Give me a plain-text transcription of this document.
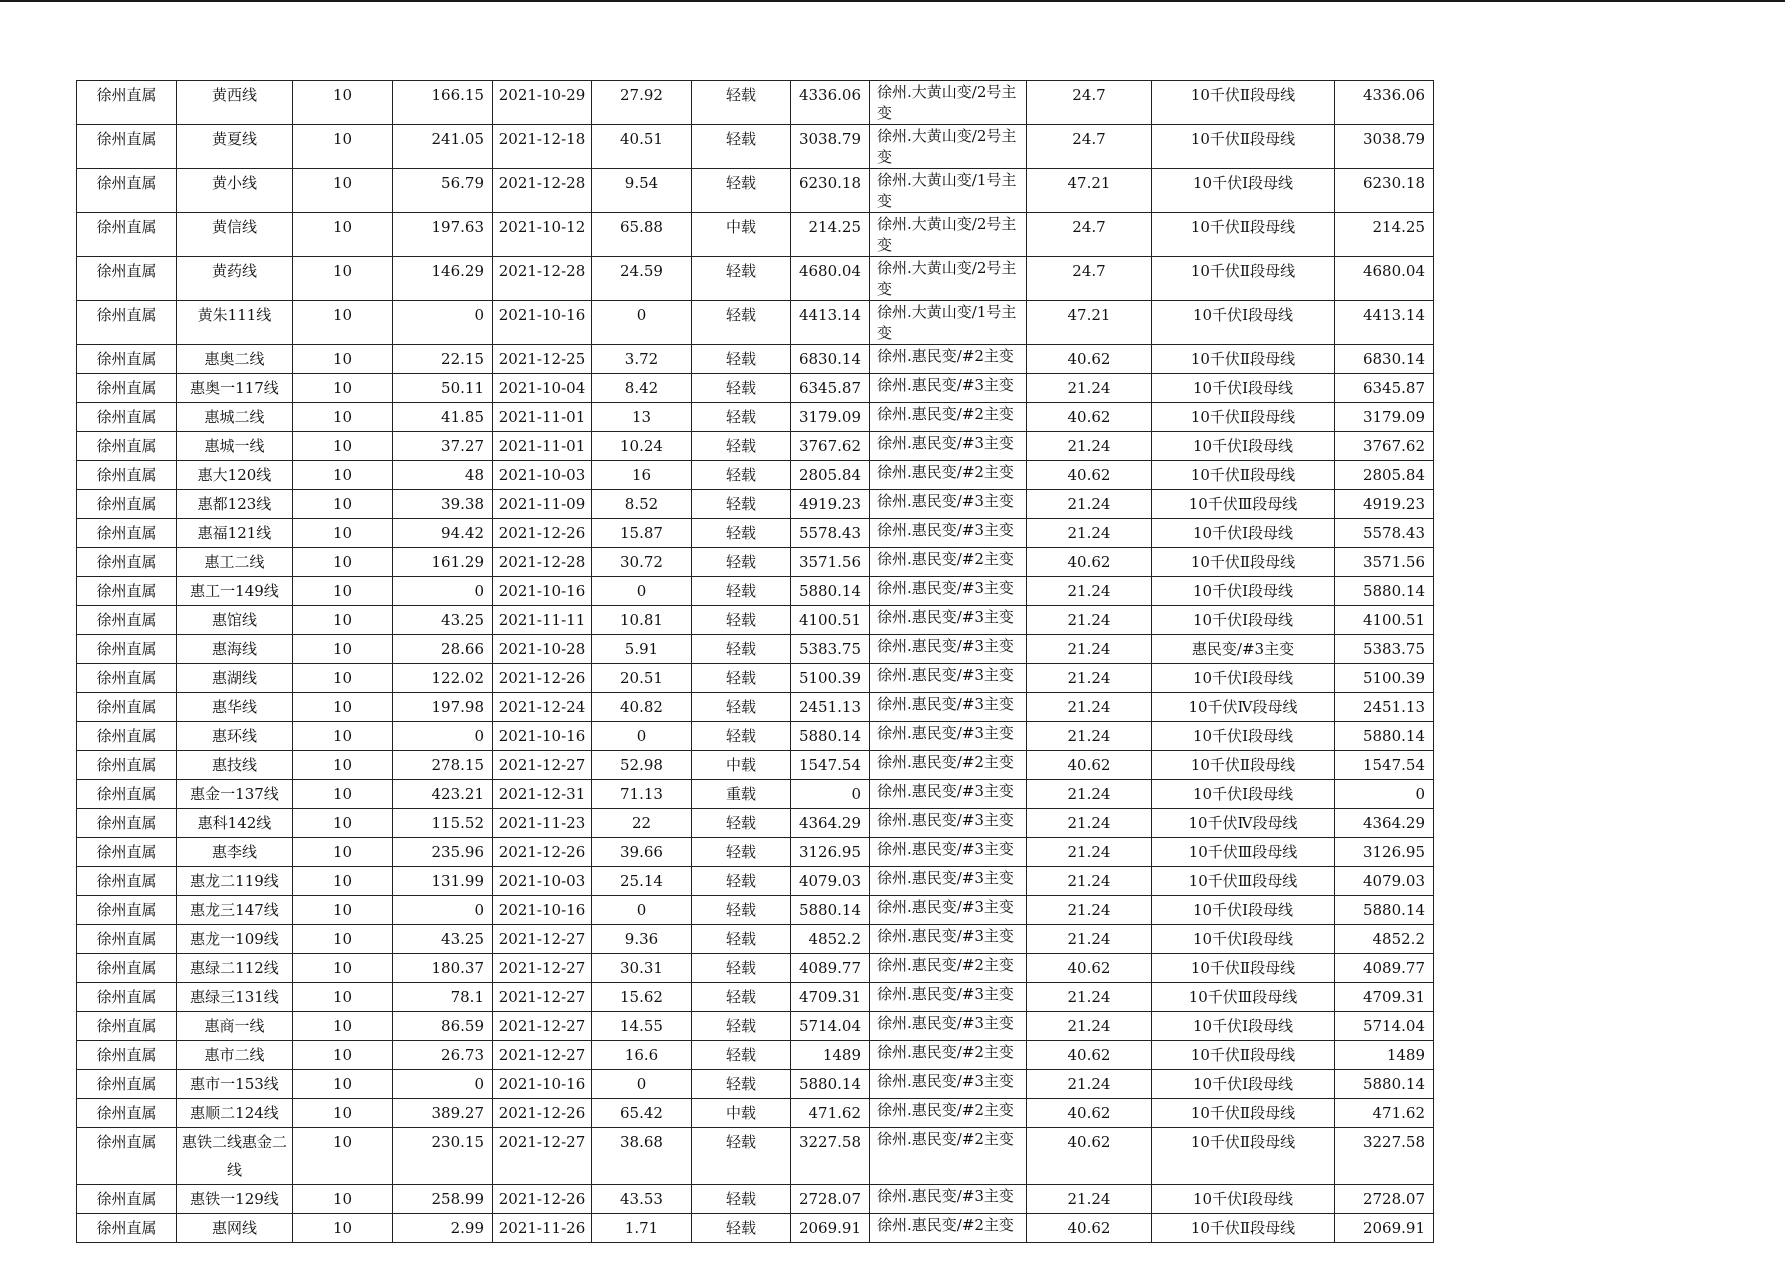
徐州直属	黄西线	10	166.15	2021-10-29	27.92	轻载	4336.06	徐州.大黄山变/2号主变	24.7	10千伏Ⅱ段母线	4336.06
徐州直属	黄夏线	10	241.05	2021-12-18	40.51	轻载	3038.79	徐州.大黄山变/2号主变	24.7	10千伏Ⅱ段母线	3038.79
徐州直属	黄小线	10	56.79	2021-12-28	9.54	轻载	6230.18	徐州.大黄山变/1号主变	47.21	10千伏Ⅰ段母线	6230.18
徐州直属	黄信线	10	197.63	2021-10-12	65.88	中载	214.25	徐州.大黄山变/2号主变	24.7	10千伏Ⅱ段母线	214.25
徐州直属	黄药线	10	146.29	2021-12-28	24.59	轻载	4680.04	徐州.大黄山变/2号主变	24.7	10千伏Ⅱ段母线	4680.04
徐州直属	黄朱111线	10	0	2021-10-16	0	轻载	4413.14	徐州.大黄山变/1号主变	47.21	10千伏Ⅰ段母线	4413.14
徐州直属	惠奥二线	10	22.15	2021-12-25	3.72	轻载	6830.14	徐州.惠民变/#2主变	40.62	10千伏Ⅱ段母线	6830.14
徐州直属	惠奥一117线	10	50.11	2021-10-04	8.42	轻载	6345.87	徐州.惠民变/#3主变	21.24	10千伏Ⅰ段母线	6345.87
徐州直属	惠城二线	10	41.85	2021-11-01	13	轻载	3179.09	徐州.惠民变/#2主变	40.62	10千伏Ⅱ段母线	3179.09
徐州直属	惠城一线	10	37.27	2021-11-01	10.24	轻载	3767.62	徐州.惠民变/#3主变	21.24	10千伏Ⅰ段母线	3767.62
徐州直属	惠大120线	10	48	2021-10-03	16	轻载	2805.84	徐州.惠民变/#2主变	40.62	10千伏Ⅱ段母线	2805.84
徐州直属	惠都123线	10	39.38	2021-11-09	8.52	轻载	4919.23	徐州.惠民变/#3主变	21.24	10千伏Ⅲ段母线	4919.23
徐州直属	惠福121线	10	94.42	2021-12-26	15.87	轻载	5578.43	徐州.惠民变/#3主变	21.24	10千伏Ⅰ段母线	5578.43
徐州直属	惠工二线	10	161.29	2021-12-28	30.72	轻载	3571.56	徐州.惠民变/#2主变	40.62	10千伏Ⅱ段母线	3571.56
徐州直属	惠工一149线	10	0	2021-10-16	0	轻载	5880.14	徐州.惠民变/#3主变	21.24	10千伏Ⅰ段母线	5880.14
徐州直属	惠馆线	10	43.25	2021-11-11	10.81	轻载	4100.51	徐州.惠民变/#3主变	21.24	10千伏Ⅰ段母线	4100.51
徐州直属	惠海线	10	28.66	2021-10-28	5.91	轻载	5383.75	徐州.惠民变/#3主变	21.24	惠民变/#3主变	5383.75
徐州直属	惠湖线	10	122.02	2021-12-26	20.51	轻载	5100.39	徐州.惠民变/#3主变	21.24	10千伏Ⅰ段母线	5100.39
徐州直属	惠华线	10	197.98	2021-12-24	40.82	轻载	2451.13	徐州.惠民变/#3主变	21.24	10千伏Ⅳ段母线	2451.13
徐州直属	惠环线	10	0	2021-10-16	0	轻载	5880.14	徐州.惠民变/#3主变	21.24	10千伏Ⅰ段母线	5880.14
徐州直属	惠技线	10	278.15	2021-12-27	52.98	中载	1547.54	徐州.惠民变/#2主变	40.62	10千伏Ⅱ段母线	1547.54
徐州直属	惠金一137线	10	423.21	2021-12-31	71.13	重载	0	徐州.惠民变/#3主变	21.24	10千伏Ⅰ段母线	0
徐州直属	惠科142线	10	115.52	2021-11-23	22	轻载	4364.29	徐州.惠民变/#3主变	21.24	10千伏Ⅳ段母线	4364.29
徐州直属	惠李线	10	235.96	2021-12-26	39.66	轻载	3126.95	徐州.惠民变/#3主变	21.24	10千伏Ⅲ段母线	3126.95
徐州直属	惠龙二119线	10	131.99	2021-10-03	25.14	轻载	4079.03	徐州.惠民变/#3主变	21.24	10千伏Ⅲ段母线	4079.03
徐州直属	惠龙三147线	10	0	2021-10-16	0	轻载	5880.14	徐州.惠民变/#3主变	21.24	10千伏Ⅰ段母线	5880.14
徐州直属	惠龙一109线	10	43.25	2021-12-27	9.36	轻载	4852.2	徐州.惠民变/#3主变	21.24	10千伏Ⅰ段母线	4852.2
徐州直属	惠绿二112线	10	180.37	2021-12-27	30.31	轻载	4089.77	徐州.惠民变/#2主变	40.62	10千伏Ⅱ段母线	4089.77
徐州直属	惠绿三131线	10	78.1	2021-12-27	15.62	轻载	4709.31	徐州.惠民变/#3主变	21.24	10千伏Ⅲ段母线	4709.31
徐州直属	惠商一线	10	86.59	2021-12-27	14.55	轻载	5714.04	徐州.惠民变/#3主变	21.24	10千伏Ⅰ段母线	5714.04
徐州直属	惠市二线	10	26.73	2021-12-27	16.6	轻载	1489	徐州.惠民变/#2主变	40.62	10千伏Ⅱ段母线	1489
徐州直属	惠市一153线	10	0	2021-10-16	0	轻载	5880.14	徐州.惠民变/#3主变	21.24	10千伏Ⅰ段母线	5880.14
徐州直属	惠顺二124线	10	389.27	2021-12-26	65.42	中载	471.62	徐州.惠民变/#2主变	40.62	10千伏Ⅱ段母线	471.62
徐州直属	惠铁二线惠金二线	10	230.15	2021-12-27	38.68	轻载	3227.58	徐州.惠民变/#2主变	40.62	10千伏Ⅱ段母线	3227.58
徐州直属	惠铁一129线	10	258.99	2021-12-26	43.53	轻载	2728.07	徐州.惠民变/#3主变	21.24	10千伏Ⅰ段母线	2728.07
徐州直属	惠网线	10	2.99	2021-11-26	1.71	轻载	2069.91	徐州.惠民变/#2主变	40.62	10千伏Ⅱ段母线	2069.91
